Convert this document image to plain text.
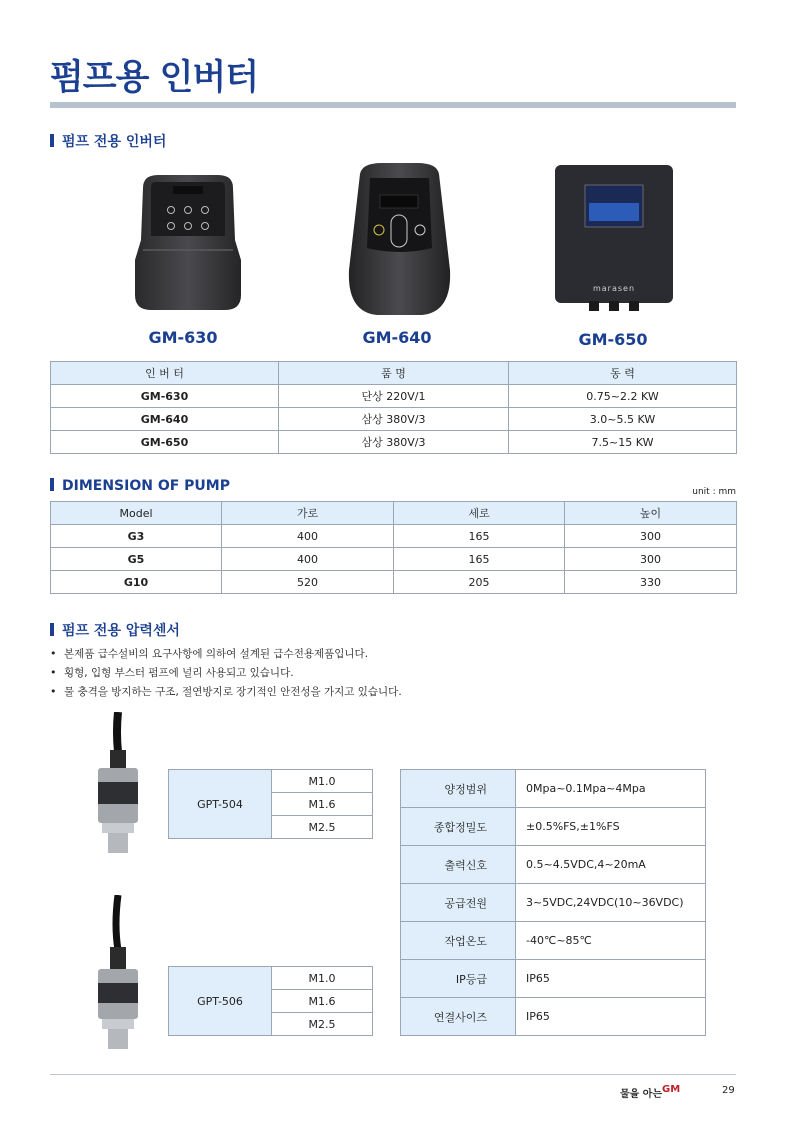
펌프용 인버터
펌프 전용 인버터
marasen
GM-630	GM-640	GM-650
인 버 터	품 명	동 력
GM-630	단상 220V/1	0.75~2.2 KW
GM-640	삼상 380V/3	3.0~5.5 KW
GM-650	삼상 380V/3	7.5~15 KW
DIMENSION OF PUMP	unit : mm
Model	가로	세로	높이
G3	400	165	300
G5	400	165	300
G10	520	205	330
펌프 전용 압력센서
• 본제품 급수설비의 요구사항에 의하여 설계된 급수전용제품입니다.
• 횡형, 입형 부스터 펌프에 널리 사용되고 있습니다.
• 물 충격을 방지하는 구조, 절연방지로 장기적인 안전성을 가지고 있습니다.
GPT-504	M1.0
M1.6
M2.5
GPT-506	M1.0
M1.6
M2.5
양정범위	0Mpa~0.1Mpa~4Mpa
종합정밀도	±0.5%FS,±1%FS
출력신호	0.5~4.5VDC,4~20mA
공급전원	3~5VDC,24VDC(10~36VDC)
작업온도	-40℃~85℃
IP등급	IP65
연결사이즈	IP65
물을 아는 GM	29
